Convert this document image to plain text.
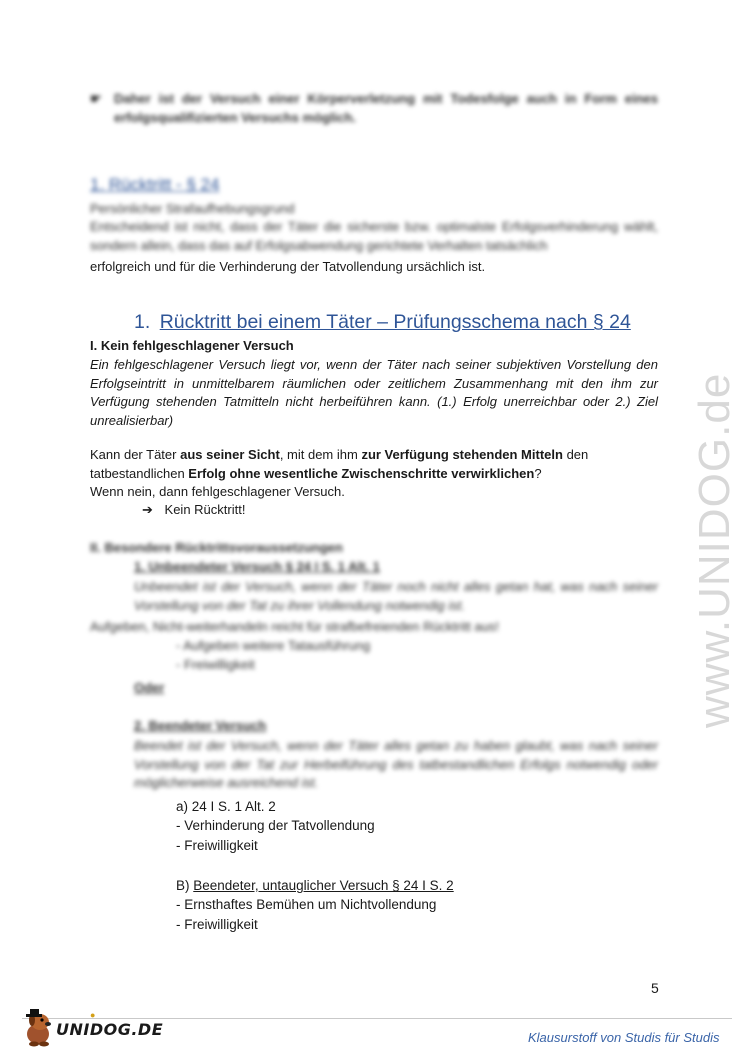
☛ Daher ist der Versuch einer Körperverletzung mit Todesfolge auch in Form eines erfolgsqualifizierten Versuchs möglich.

1. Rücktritt - § 24
Persönlicher Strafaufhebungsgrund
Entscheidend ist nicht, dass der Täter die sicherste bzw. optimalste Erfolgsverhinderung wählt, sondern allein, dass das auf Erfolgsabwendung gerichtete Verhalten tatsächlich
erfolgreich und für die Verhinderung der Tatvollendung ursächlich ist.
1. Rücktritt bei einem Täter – Prüfungsschema nach § 24
I. Kein fehlgeschlagener Versuch
Ein fehlgeschlagener Versuch liegt vor, wenn der Täter nach seiner subjektiven Vorstellung den Erfolgseintritt in unmittelbarem räumlichen oder zeitlichem Zusammenhang mit den ihm zur Verfügung stehenden Tatmitteln nicht herbeiführen kann. (1.) Erfolg unerreichbar oder 2.) Ziel unrealisierbar)
Kann der Täter aus seiner Sicht, mit dem ihm zur Verfügung stehenden Mitteln den tatbestandlichen Erfolg ohne wesentliche Zwischenschritte verwirklichen?
Wenn nein, dann fehlgeschlagener Versuch.
➔ Kein Rücktritt!
II. Besondere Rücktrittsvoraussetzungen
1. Unbeendeter Versuch § 24 I S. 1 Alt. 1
Unbeendet ist der Versuch, wenn der Täter noch nicht alles getan hat, was nach seiner Vorstellung von der Tat zu ihrer Vollendung notwendig ist.
Aufgeben, Nicht-weiterhandeln reicht für strafbefreienden Rücktritt aus!
- Aufgeben weitere Tatausführung
- Freiwilligkeit
Oder
2. Beendeter Versuch
Beendet ist der Versuch, wenn der Täter alles getan zu haben glaubt, was nach seiner Vorstellung von der Tat zur Herbeiführung des tatbestandlichen Erfolgs notwendig oder möglicherweise ausreichend ist.
a) 24 I S. 1 Alt. 2
- Verhinderung der Tatvollendung
- Freiwilligkeit
B) Beendeter, untauglicher Versuch § 24 I S. 2
- Ernsthaftes Bemühen um Nichtvollendung
- Freiwilligkeit
www.UNIDOG.de
5
●
UNIDOG.DE	Klausurstoff von Studis für Studis
